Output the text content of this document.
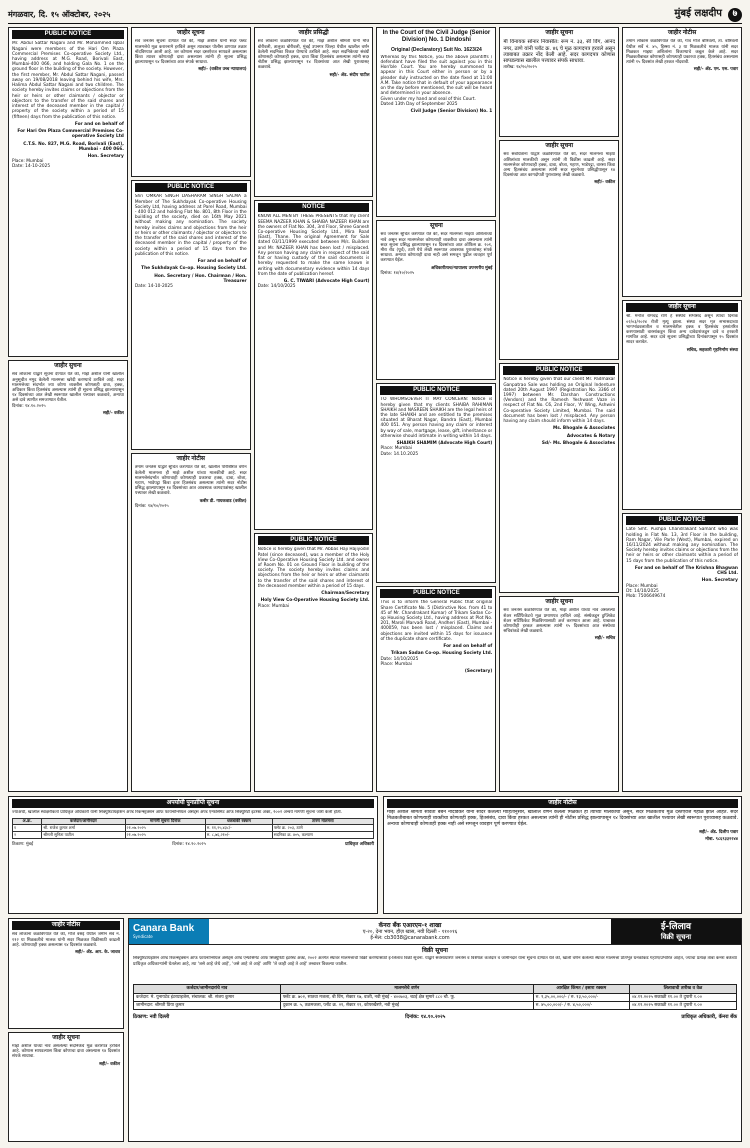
मंगळवार, दि. १५ ऑक्टोबर, २०२५	मुंबई लक्षदीप	७
PUBLIC NOTICE
Mr. Abdul Sattar Nagani and Mr. Mohammed Iqbal Nagani were members of the Hari Om Plaza Commercial Premises Co-operative Society Ltd., having address at M.G. Road, Borivali East, Mumbai-400 066, and holding Gala No. 1 on the ground floor in the building of the society. However, the first member, Mr. Abdul Sattar Nagani, passed away on 19/08/2018 leaving behind his wife, Mrs. Halima Abdul Sattar Nagani and two children. The society hereby invites claims or objections from the heir or heirs or other claimants / objector or objectors to the transfer of the said shares and interest of the deceased member in the capital / property of the society within a period of 15 (fifteen) days from the publication of this notice.
For and on behalf of
For Hari Om Plaza Commercial Premises Co-operative Society Ltd
C.T.S. No. 827, M.G. Road, Borivali (East), Mumbai - 400 066.
Hon. Secretary
Place: Mumbai
Date: 14-10-2025
जाहीर सुचना
सर्व लोकांना याद्वारे सूचना देण्यात येते की, माझे अशील यांनी खालील अनुसूचीत नमुद केलेली मालमत्ता खरेदी करण्याचे ठरविले आहे. सदर मालमत्तेच्या संदर्भात ज्या कोणा व्यक्तीस कोणताही दावा, हक्क, अधिकार किंवा हितसंबंध असल्यास त्यांनी ही सूचना प्रसिद्ध झाल्यापासून १४ दिवसांच्या आत लेखी स्वरूपात खालील पत्त्यावर कळवावे, अन्यथा असे दावे त्यागीत समजण्यात येतील.
दिनांक: १४.१०.२०२५
सही/- वकील
जाहीर सूचना
सर्व जनतेस सूचना देण्यात येते की, माझे अशील यांनी सदर फ्लॅट मालमत्तेचे मूळ करारनामे हरविले असून त्याबाबत पोलीस ठाण्यात तक्रार नोंदविण्यात आली आहे. जर कोणास सदर दस्तऐवज सापडले असल्यास किंवा त्यावर कोणताही दावा असल्यास त्यांनी ही सूचना प्रसिद्ध झाल्यापासून १४ दिवसांच्या आत संपर्क साधावा.
सही/- (वकील उच्च न्यायालय)
PUBLIC NOTICE
Shri OMKAR SINGH DASHARAM SINGH SALMA a Member of The Sukhdayak Co-operative Housing Society Ltd, having address at Parel Road, Mumbai - 400 012 and holding Flat No. 801, 8th Floor in the building of the society, died on 16th May 2021 without making any nomination. The society hereby invites claims and objections from the heir or heirs or other claimants / objector or objectors to the transfer of the said shares and interest of the deceased member in the capital / property of the society within a period of 15 days from the publication of this notice.
For and on behalf of
The Sukhdayak Co-op. Housing Society Ltd.
Hon. Secretary / Hon. Chairman / Hon. Treasurer
Date: 14-10-2025
जाहीर नोटीस
तमाम जनतेस याद्वारे सूचित करण्यात येते की, खालील परिशिष्टात वर्णन केलेली मालमत्ता ही माझे अशील यांच्या मालकीची आहे. सदर मालमत्तेसंदर्भात कोणाचाही कोणत्याही प्रकारचा हक्क, दावा, बोजा, गहाण, भाडेपट्टा किंवा इतर हितसंबंध असल्यास त्यांनी सदर नोटीस प्रसिद्ध झाल्यापासून १४ दिवसांच्या आत आवश्यक कागदपत्रांसह खालील पत्त्यावर लेखी कळवावे.
कबीर डी. गायकवाड (वकील)
दिनांक: १४/१०/२०२५
जाहीर प्रसिद्धी
सर्व लोकांना कळविण्यात येते की, माझे अशील श्रीमती यांनी मौजे बोरीवली, तालुका बोरीवली, मुंबई उपनगर जिल्हा येथील खालील वर्णन केलेली सदनिका विकत घेण्याचे ठरविले आहे. सदर सदनिकेच्या संबंधी कोणासही कोणताही हक्क, दावा किंवा हितसंबंध असल्यास त्यांनी सदर नोटीस प्रसिद्ध झाल्यापासून १४ दिवसांच्या आत लेखी पुराव्यासह कळवावे.
सही/- ॲड. संदीप पाटील
NOTICE
KNOW ALL MEN BY THESE PRESENTS that my client SEEMA NAZEER KHAN & SHAIBA NAZEER KHAN are the owners of Flat No. 304, 3rd Floor, Shree Ganesh Co-operative Housing Society Ltd., Mira Road (East), Thane. The original Agreement for Sale dated 03/11/1999 executed between M/s. Builders and Mr. NAZEER KHAN has been lost / misplaced. Any person having any claim in respect of the said flat or having custody of the said documents is hereby requested to make the same known in writing with documentary evidence within 14 days from the date of publication hereof.
G. C. TIWARI (Advocate High Court)
Date: 14/10/2025
PUBLIC NOTICE
Notice is hereby given that Mr. Abbas Haji Hajiyodin Patel (since deceased), was a member of the Holy View Co-Operative Housing Society Ltd. and owner of Room No. 01 on Ground Floor in building of the society. The society hereby invites claims and objections from the heir or heirs or other claimants to the transfer of the said shares and interest of the deceased member within a period of 15 days.
Chairman/Secretary
Holy View Co-Operative Housing Society Ltd.
Place: Mumbai
In the Court of the Civil Judge (Senior Division) No. 1 Dindoshi
Original (Declaratory) Suit No. 1623/24
Whereas by this Notice, you the above plaintiffs / defendant have filed the suit against you in this Hon'ble Court. You are hereby summoned to appear in this Court either in person or by a pleader duly instructed on the date fixed at 11:00 A.M. Take notice that in default of your appearance on the day before mentioned, the suit will be heard and determined in your absence.
Given under my hand and seal of this Court.
Dated 13th Day of September 2025
Civil Judge (Senior Division) No. 1
सूचना
सर्व जनतेस सूचित करण्यात येते की, सदर मालमत्ता माझ्या अशिलांच्या नावे असून सदर मालमत्तेवर कोणत्याही व्यक्तीचा दावा असल्यास त्यांनी सदर सूचना प्रसिद्ध झाल्यापासून १४ दिवसांच्या आत ऑफिस क्र. २०१, मीरा रोड (पूर्व), ठाणे येथे लेखी स्वरूपात आवश्यक पुराव्यांसह संपर्क साधावा. अन्यथा कोणताही दावा नाही असे समजून पुढील व्यवहार पूर्ण करण्यात येईल.
अधिकारीत्यच/न्यायालय उपनगरीय मुंबई
दिनांक: १४/१०/२०२५
PUBLIC NOTICE
TO WHOMSOEVER IT MAY CONCERN: Notice is hereby given that my clients SHAIBA RAHIMAN SHAIKH and NASREEN SHAIKH are the legal heirs of the late SHAIKH and are entitled to the premises situated at Bharat Nagar, Bandra (East), Mumbai 400 051. Any person having any claim or interest by way of sale, mortgage, lease, gift, inheritance or otherwise should intimate in writing within 14 days.
SHAIKH SHAMIM (Advocate High Court)
Place: Mumbai
Date: 14.10.2025
PUBLIC NOTICE
This is to inform the General Public that original Share Certificate No. 5 (Distinctive Nos. from 41 to 45 of Mr. Chandrakant Kumar) of Trikam Sadan Co-op Housing Society Ltd., having address at Plot No. 201, Maroli Marvadi Road, Andheri (East), Mumbai - 400059, has been lost / misplaced. Claims and objections are invited within 15 days for issuance of the duplicate share certificate.
For and on behalf of
Trikam Sadan Co-op. Housing Society Ltd.
Date: 14/10/2025
Place: Mumbai
(Secretary)
जाहीर सूचना
मी विनायक सोनार निवासीत: रूम नं. ३३, सी विंग, आनंद नगर, ठाणे यांनी प्लॉट क्र. ४६ चे मूळ कागदपत्र हरवले असून त्याबाबत तक्रार नोंद केली आहे. सदर कागदपत्र कोणास सापडल्यास खालील पत्त्यावर संपर्क साधावा.
तारीख: १४/१०/२०२५
जाहीर सूचना
सर्व संबंधितांना याद्वारे कळविण्यात येते की, सदर मालमत्ता माझ्या अशिलांच्या मालकीची असून त्यांनी ती विक्रीस काढली आहे. सदर मालमत्तेवर कोणाचाही हक्क, दावा, बोजा, गहाण, भाडेपट्टा, वारसा किंवा अन्य हितसंबंध असल्यास त्यांनी सदर सूचनेच्या प्रसिद्धीपासून १४ दिवसांच्या आत कागदोपत्री पुराव्यासह लेखी कळवावे.
सही/- वकील
PUBLIC NOTICE
Notice is hereby given that our client Mr. Padmakar Ganpatrao Sale was holding an Original Indenture dated 20th August 1997 (Registration No. 3366 of 1997) between Mr. Darshan Constructions (Vendors) and the Ramesh Yeshwant Vaze in respect of Flat No. C6, 2nd Floor, 'A' Wing, Ashwini Co-operative Society Limited, Mumbai. The said document has been lost / misplaced. Any person having any claim should inform within 14 days.
Ms. Bhogale & Associates
Advocates & Notary
Sd/- Ms. Bhogale & Associates
जाहीर सूचना
सर्व जनतेस कळविण्यात येते की, माझे अशील यांच्या नावे असलेल्या शेअर सर्टिफिकेटचे मूळ प्रमाणपत्र हरविले आहे. संस्थेकडून डुप्लिकेट शेअर सर्टिफिकेट मिळविण्यासाठी अर्ज करण्यात आला आहे. याबाबत कोणाचीही हरकत असल्यास त्यांनी १५ दिवसांच्या आत संस्थेच्या सचिवांकडे लेखी कळवावे.
सही/- सचिव
जाहीर नोटीस
तमाम लोकांस कळविण्यात येते की, गाव मौजे बोरिवली, ता. बोरिवली येथील सर्वे नं. ४५, हिस्सा नं. ३ या मिळकतीचे मालक यांनी सदर मिळकत माझ्या अशिलांना विकण्याचे कबूल केले आहे. सदर मिळकतीबाबत कोणासही कोणत्याही प्रकारचा हक्क, हितसंबंध असल्यास त्यांनी १५ दिवसांत लेखी हरकत नोंदवावी.
सही/- ॲड. एम. एस. पवार
जाहीर सूचना
श्री. मनोज रामचंद्र राणे हे संस्थेचे सभासद असून त्यांचा दिनांक ०२/०३/२०२४ रोजी मृत्यू झाला. संस्था सदर मृत सभासदाच्या भागभांडवलातील व मालमत्तेतील हक्क व हितसंबंध हस्तांतरित करण्यासाठी वारसांकडून किंवा अन्य दावेदारांकडून दावे व हरकती मागवित आहे. सदर दावे सूचना प्रसिद्धीच्या दिनांकापासून १५ दिवसांत सादर करावेत.
सचिव, सहकारी गृहनिर्माण संस्था
PUBLIC NOTICE
Late Smt. Pushpa Chandrakant Samant who was holding in Flat No. 13, 3rd Floor in the building, Ram Nagar, Vile Parle (West), Mumbai, expired on 16/11/2024 without making any nomination. The Society hereby invites claims or objections from the heir or heirs or other claimants within a period of 15 days from the publication of this notice.
For and on behalf of The Krishna Bhagwan CHS Ltd.
Hon. Secretary
Place: Mumbai
Dt: 14/10/2025
Mob: 7506649674
अपर्यायी पुनर्प्राप्ति सूचना
ज्याअर्थी, खालील स्वाक्षरीकर्ता प्राधिकृत अधिकारी यांनी सिक्युरिटायझेशन ॲण्ड रिकन्स्ट्रक्शन ऑफ फायनान्शियल ॲसेट्स ॲण्ड एन्फोर्समेंट ऑफ सिक्युरिटी इंटरेस्ट ॲक्ट, २००२ अन्वये मागणी सूचना जारी केली होती.
अ.क्र.	कर्जदार/जामीनदार	मागणी सूचना दिनांक	थकबाकी रक्कम	तारण मालमत्ता
१	श्री. राजेश कुमार शर्मा	२१.०७.२०२५	रु. ११,२५,४३८/-	फ्लॅट क्र. २०३, ठाणे
२	श्रीमती सुनिता पाटील	२१.०७.२०२५	रु. ८,७६,२१०/-	सदनिका क्र. ४०५, कल्याण
ठिकाण: मुंबई	दिनांक: १४.१०.२०२५	प्राधिकृत अधिकारी
जाहीर नोटीस
माझे अशील श्रीमती सविता बबन नांदोडकर यांनी सादर केलेल्या माहितीनुसार, खालील वर्णन केलेली मिळकत ही त्यांच्या मालकीची असून, सदर मिळकतीचे मूळ दस्तऐवज गहाळ झाले आहेत. सदर मिळकतीबाबत कोणत्याही व्यक्तीचा कोणताही हक्क, हितसंबंध, दावा किंवा हरकत असल्यास त्यांनी ही नोटीस प्रसिद्ध झाल्यापासून १४ दिवसांच्या आत खालील पत्त्यावर लेखी स्वरूपात पुराव्यासह कळवावे. अन्यथा कोणाचाही कोणताही हक्क नाही असे समजून व्यवहार पूर्ण करण्यात येईल.
सही/- ॲड. दिलीप पवार
मोबा. ९८६९३३२२४४
जाहीर नोटीस
सर्व लोकांना कळविण्यात येते की, मौजे वसई येथील जमीन सर्वे नं. ११२ या मिळकतीचे मालक यांनी सदर मिळकत विक्रीसाठी काढली आहे. कोणाचाही हक्क असल्यास १४ दिवसांत कळवावे.
सही/- ॲड. आर. के. जाधव
जाहीर सूचना
माझे अशील यांच्या नावे असलेल्या सदनिकेचे मूळ करारपत्र हरविले आहे. कोणास सापडल्यास किंवा कोणाचा दावा असल्यास १४ दिवसांत संपर्क साधावा.
सही/- वकील
Canara Bank
Syndicate
कॅनरा बँक एआरएम-१ शाखा
ए-२०, देना भवन, हौज़ खास, नवी दिल्ली - ११००१६
ई-मेल: cb3038@canarabank.com
ई-लिलाव
विक्री सूचना
विक्री सूचना
सिक्युरिटायझेशन ॲण्ड रिकन्स्ट्रक्शन ऑफ फायनान्शियल ॲसेट्स ॲण्ड एन्फोर्समेंट ऑफ सिक्युरिटी इंटरेस्ट ॲक्ट, २००२ अंतर्गत स्थावर मालमत्तांची विक्री करण्यासाठी ई-लिलाव विक्री सूचना. याद्वारे सर्वसाधारण जनतेस व विशेषतः कर्जदार व जामीनदार यांना सूचना देण्यात येते की, खाली वर्णन केलेल्या स्थावर मालमत्ता प्रतिभूत धनकोकडे गहाण/प्रभारित आहेत, ज्यांचा प्रत्यक्ष ताबा कॅनरा बँकेच्या प्राधिकृत अधिकाऱ्यांनी घेतलेला आहे, त्या 'जसे आहे जेथे आहे', 'जसे आहे जे आहे' आणि 'जे काही आहे ते आहे' तत्त्वावर विकल्या जातील.
कर्जदार/जामीनदारांचे नाव	मालमत्तेचे वर्णन	आरक्षित किंमत / इसारा रक्कम	लिलावाची तारीख व वेळ
कर्जदार: मे. युनायटेड इंटरप्राइजेस, संचालक: श्री. संजय कुमार	फ्लॅट क्र. ७०२, सातवा मजला, बी विंग, सेक्टर १७, वाशी, नवी मुंबई - ४००७०३, चटई क्षेत्र सुमारे ८८० चौ. फू.	रु. १,३५,००,०००/- / रु. १३,५०,०००/-	०४.११.२०२५ सकाळी ११.०० ते दुपारी १.००
जामीनदार: श्रीमती प्रिया कुमार	दुकान क्र. ५, तळमजला, प्लॉट क्र. २१, सेक्टर ११, कोपरखैरणे, नवी मुंबई	रु. ४५,००,०००/- / रु. ४,५०,०००/-	०४.११.२०२५ सकाळी ११.०० ते दुपारी १.००
ठिकाण: नवी दिल्ली	दिनांक: १४.१०.२०२५	प्राधिकृत अधिकारी, कॅनरा बँक
